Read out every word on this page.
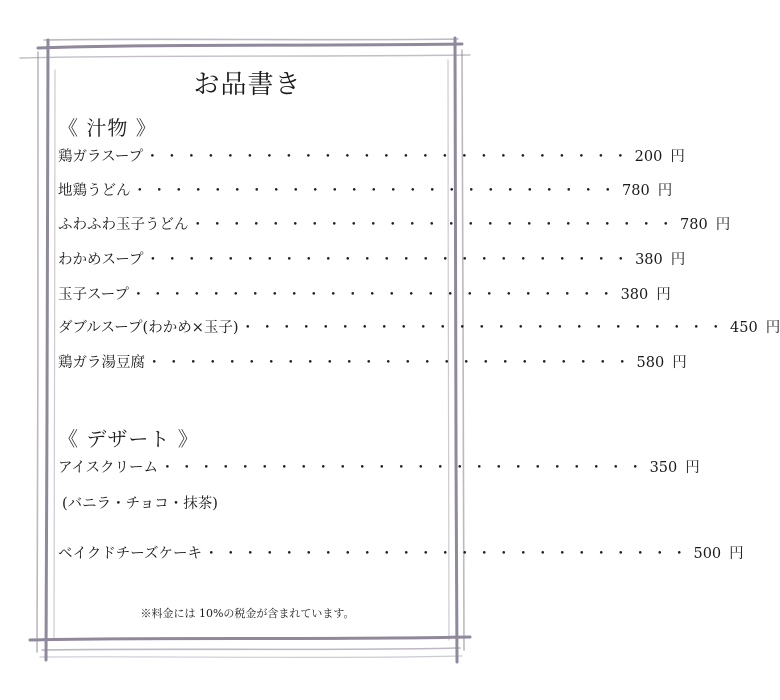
お品書き
《 汁物 》
鶏ガラスープ ・・・・・・・・・・・・・・・・・・・・・・・・・ 200 円
地鶏うどん ・・・・・・・・・・・・・・・・・・・・・・・・・ 780 円
ふわふわ玉子うどん ・・・・・・・・・・・・・・・・・・・・・・・・・ 780 円
わかめスープ ・・・・・・・・・・・・・・・・・・・・・・・・・ 380 円
玉子スープ ・・・・・・・・・・・・・・・・・・・・・・・・・ 380 円
ダブルスープ(わかめ×玉子) ・・・・・・・・・・・・・・・・・・・・・・・・・ 450 円
鶏ガラ湯豆腐 ・・・・・・・・・・・・・・・・・・・・・・・・・ 580 円
《 デザート 》
アイスクリーム ・・・・・・・・・・・・・・・・・・・・・・・・・ 350 円
(バニラ・チョコ・抹茶)
ベイクドチーズケーキ ・・・・・・・・・・・・・・・・・・・・・・・・・ 500 円
※料金には 10%の税金が含まれています。
